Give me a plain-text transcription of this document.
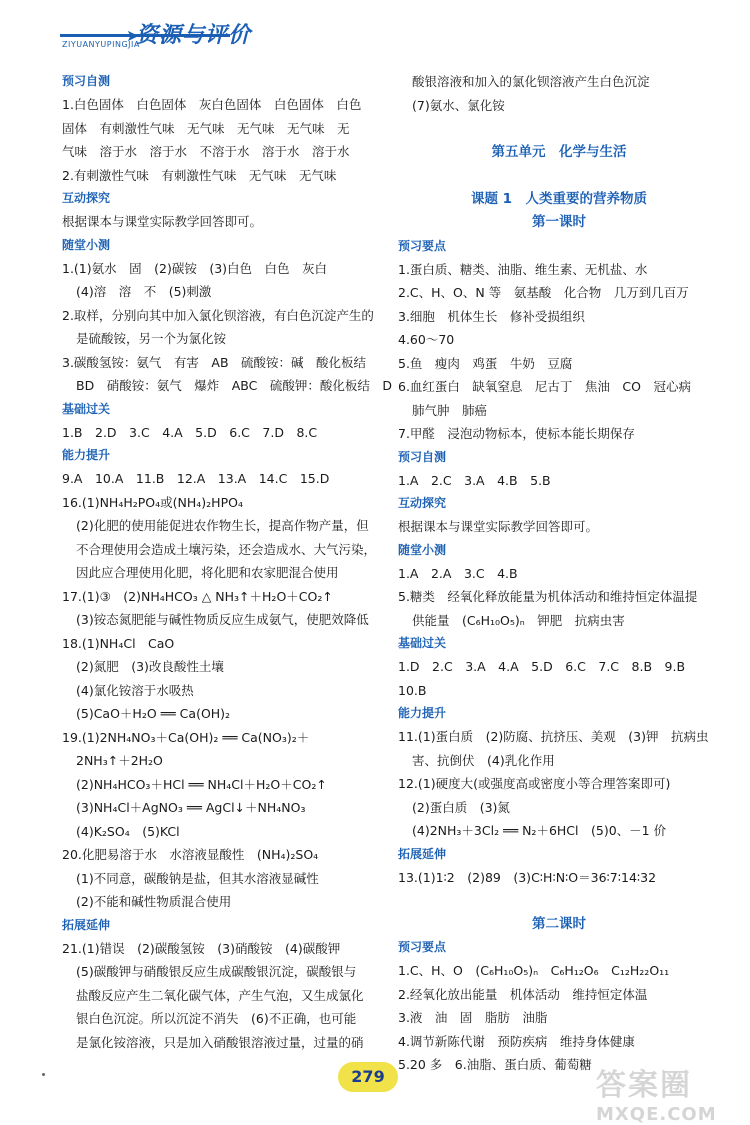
ZIYUANYUPINGJIA
➤
资源与评价
预习自测
1.白色固体　白色固体　灰白色固体　白色固体　白色
固体　有刺激性气味　无气味　无气味　无气味　无
气味　溶于水　溶于水　不溶于水　溶于水　溶于水
2.有刺激性气味　有刺激性气味　无气味　无气味
互动探究
根据课本与课堂实际教学回答即可。
随堂小测
1.(1)氨水　固　(2)碳铵　(3)白色　白色　灰白
(4)溶　溶　不　(5)刺激
2.取样，分别向其中加入氯化钡溶液，有白色沉淀产生的
是硫酸铵，另一个为氯化铵
3.碳酸氢铵：氨气　有害　AB　硫酸铵：碱　酸化板结
BD　硝酸铵：氨气　爆炸　ABC　硫酸钾：酸化板结　D
基础过关
1.B　2.D　3.C　4.A　5.D　6.C　7.D　8.C
能力提升
9.A　10.A　11.B　12.A　13.A　14.C　15.D
16.(1)NH₄H₂PO₄或(NH₄)₂HPO₄
(2)化肥的使用能促进农作物生长，提高作物产量，但
不合理使用会造成土壤污染，还会造成水、大气污染，
因此应合理使用化肥，将化肥和农家肥混合使用
17.(1)③　(2)NH₄HCO₃ △ NH₃↑＋H₂O＋CO₂↑
(3)铵态氮肥能与碱性物质反应生成氨气，使肥效降低
18.(1)NH₄Cl　CaO
(2)氮肥　(3)改良酸性土壤
(4)氯化铵溶于水吸热
(5)CaO＋H₂O ══ Ca(OH)₂
19.(1)2NH₄NO₃＋Ca(OH)₂ ══ Ca(NO₃)₂＋
2NH₃↑＋2H₂O
(2)NH₄HCO₃＋HCl ══ NH₄Cl＋H₂O＋CO₂↑
(3)NH₄Cl＋AgNO₃ ══ AgCl↓＋NH₄NO₃
(4)K₂SO₄　(5)KCl
20.化肥易溶于水　水溶液显酸性　(NH₄)₂SO₄
(1)不同意，碳酸钠是盐，但其水溶液显碱性
(2)不能和碱性物质混合使用
拓展延伸
21.(1)错误　(2)碳酸氢铵　(3)硝酸铵　(4)碳酸钾
(5)碳酸钾与硝酸银反应生成碳酸银沉淀，碳酸银与
盐酸反应产生二氧化碳气体，产生气泡，又生成氯化
银白色沉淀。所以沉淀不消失　(6)不正确，也可能
是氯化铵溶液，只是加入硝酸银溶液过量，过量的硝
酸银溶液和加入的氯化钡溶液产生白色沉淀
(7)氨水、氯化铵

第五单元　化学与生活

课题 1　人类重要的营养物质
第一课时
预习要点
1.蛋白质、糖类、油脂、维生素、无机盐、水
2.C、H、O、N 等　氨基酸　化合物　几万到几百万
3.细胞　机体生长　修补受损组织
4.60～70
5.鱼　瘦肉　鸡蛋　牛奶　豆腐
6.血红蛋白　缺氧窒息　尼古丁　焦油　CO　冠心病
肺气肿　肺癌
7.甲醛　浸泡动物标本，使标本能长期保存
预习自测
1.A　2.C　3.A　4.B　5.B
互动探究
根据课本与课堂实际教学回答即可。
随堂小测
1.A　2.A　3.C　4.B
5.糖类　经氧化释放能量为机体活动和维持恒定体温提
供能量　(C₆H₁₀O₅)ₙ　钾肥　抗病虫害
基础过关
1.D　2.C　3.A　4.A　5.D　6.C　7.C　8.B　9.B
10.B
能力提升
11.(1)蛋白质　(2)防腐、抗挤压、美观　(3)钾　抗病虫
害、抗倒伏　(4)乳化作用
12.(1)硬度大(或强度高或密度小等合理答案即可)
(2)蛋白质　(3)氮
(4)2NH₃＋3Cl₂ ══ N₂＋6HCl　(5)0、－1 价
拓展延伸
13.(1)1∶2　(2)89　(3)C∶H∶N∶O＝36∶7∶14∶32

第二课时
预习要点
1.C、H、O　(C₆H₁₀O₅)ₙ　C₆H₁₂O₆　C₁₂H₂₂O₁₁
2.经氧化放出能量　机体活动　维持恒定体温
3.液　油　固　脂肪　油脂
4.调节新陈代谢　预防疾病　维持身体健康
5.20 多　6.油脂、蛋白质、葡萄糖
279	答案圈
MXQE.COM
